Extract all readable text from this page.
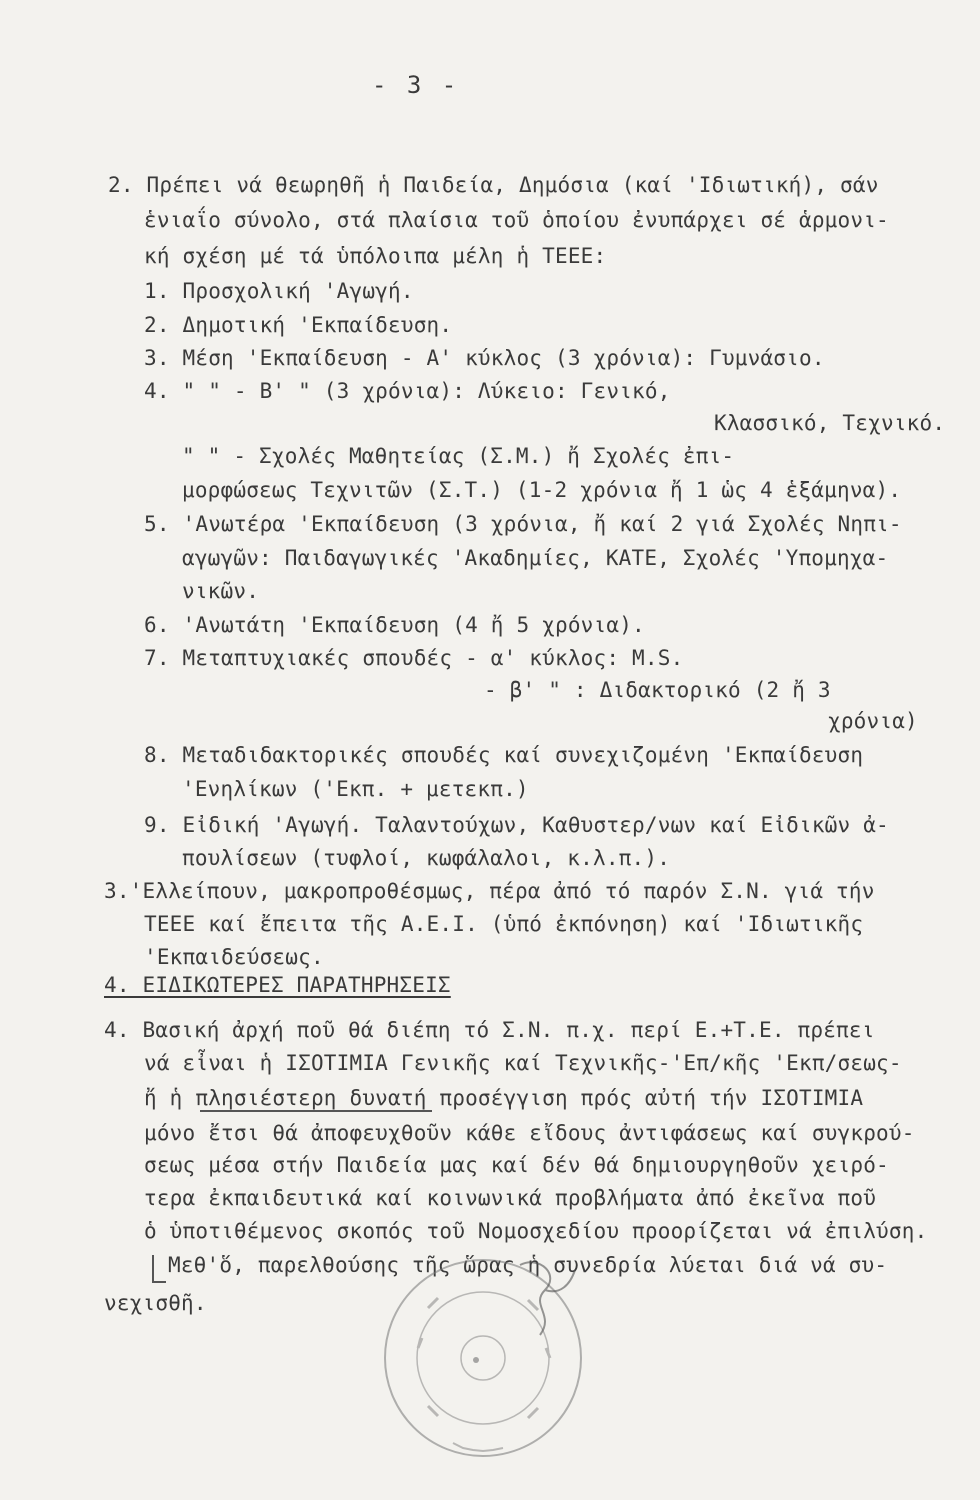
- 3 -
2. Πρέπει νά θεωρηθῆ ἡ Παιδεία, Δημόσια (καί 'Ιδιωτική), σάν
ἑνιαΐο σύνολο, στά πλαίσια τοῦ ὁποίου ἐνυπάρχει σέ ἁρμονι-
κή σχέση μέ τά ὑπόλοιπα μέλη ἡ ΤΕΕΕ:
1. Προσχολική 'Αγωγή.
2. Δημοτική 'Εκπαίδευση.
3. Μέση 'Εκπαίδευση - Α' κύκλος (3 χρόνια): Γυμνάσιο.
4. " " - Β' " (3 χρόνια): Λύκειο: Γενικό,
Κλασσικό, Τεχνικό.
" " - Σχολές Μαθητείας (Σ.Μ.) ἤ Σχολές ἐπι-
μορφώσεως Τεχνιτῶν (Σ.Τ.) (1-2 χρόνια ἤ 1 ὡς 4 ἑξάμηνα).
5. 'Ανωτέρα 'Εκπαίδευση (3 χρόνια, ἤ καί 2 γιά Σχολές Νηπι-
αγωγῶν: Παιδαγωγικές 'Ακαδημίες, ΚΑΤΕ, Σχολές 'Υπομηχα-
νικῶν.
6. 'Ανωτάτη 'Εκπαίδευση (4 ἤ 5 χρόνια).
7. Μεταπτυχιακές σπουδές - α' κύκλος: M.S.
- β' " : Διδακτορικό (2 ἤ 3
χρόνια)
8. Μεταδιδακτορικές σπουδές καί συνεχιζομένη 'Εκπαίδευση
'Ενηλίκων ('Εκπ. + μετεκπ.)
9. Εἰδική 'Αγωγή. Ταλαντούχων, Καθυστερ/νων καί Εἰδικῶν ἀ-
πουλίσεων (τυφλοί, κωφάλαλοι, κ.λ.π.).
3.'Ελλείπουν, μακροπροθέσμως, πέρα ἀπό τό παρόν Σ.Ν. γιά τήν
ΤΕΕΕ καί ἔπειτα τῆς Α.Ε.Ι. (ὑπό ἐκπόνηση) καί 'Ιδιωτικῆς
'Εκπαιδεύσεως.
4. ΕΙΔΙΚΩΤΕΡΕΣ ΠΑΡΑΤΗΡΗΣΕΙΣ
4. Βασική ἀρχή ποῦ θά διέπη τό Σ.Ν. π.χ. περί Ε.+Τ.Ε. πρέπει
νά εἶναι ἡ ΙΣΟΤΙΜΙΑ Γενικῆς καί Τεχνικῆς-'Επ/κῆς 'Εκπ/σεως-
ἤ ἡ πλησιέστερη δυνατή προσέγγιση πρός αὐτή τήν ΙΣΟΤΙΜΙΑ
μόνο ἔτσι θά ἀποφευχθοῦν κάθε εἴδους ἀντιφάσεως καί συγκρού-
σεως μέσα στήν Παιδεία μας καί δέν θά δημιουργηθοῦν χειρό-
τερα ἐκπαιδευτικά καί κοινωνικά προβλήματα ἀπό ἐκεῖνα ποῦ
ὁ ὑποτιθέμενος σκοπός τοῦ Νομοσχεδίου προορίζεται νά ἐπιλύση.
Μεθ'ὅ, παρελθούσης τῆς ὥρας ἡ συνεδρία λύεται διά νά συ-
νεχισθῆ.
